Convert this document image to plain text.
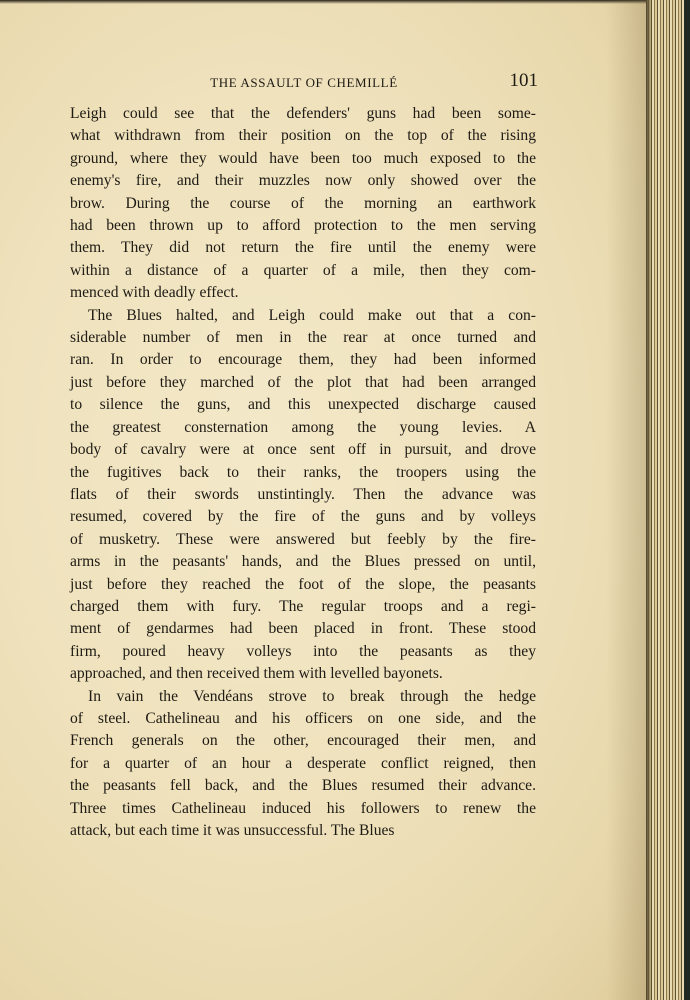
THE ASSAULT OF CHEMILLÉ	101

Leigh could see that the defenders' guns had been some-
what withdrawn from their position on the top of the rising
ground, where they would have been too much exposed to the
enemy's fire, and their muzzles now only showed over the
brow. During the course of the morning an earthwork
had been thrown up to afford protection to the men serving
them. They did not return the fire until the enemy were
within a distance of a quarter of a mile, then they com-
menced with deadly effect.

The Blues halted, and Leigh could make out that a con-
siderable number of men in the rear at once turned and
ran. In order to encourage them, they had been informed
just before they marched of the plot that had been arranged
to silence the guns, and this unexpected discharge caused
the greatest consternation among the young levies. A
body of cavalry were at once sent off in pursuit, and drove
the fugitives back to their ranks, the troopers using the
flats of their swords unstintingly. Then the advance was
resumed, covered by the fire of the guns and by volleys
of musketry. These were answered but feebly by the fire-
arms in the peasants' hands, and the Blues pressed on until,
just before they reached the foot of the slope, the peasants
charged them with fury. The regular troops and a regi-
ment of gendarmes had been placed in front. These stood
firm, poured heavy volleys into the peasants as they
approached, and then received them with levelled bayonets.

In vain the Vendéans strove to break through the hedge
of steel. Cathelineau and his officers on one side, and the
French generals on the other, encouraged their men, and
for a quarter of an hour a desperate conflict reigned, then
the peasants fell back, and the Blues resumed their advance.
Three times Cathelineau induced his followers to renew the
attack, but each time it was unsuccessful. The Blues
